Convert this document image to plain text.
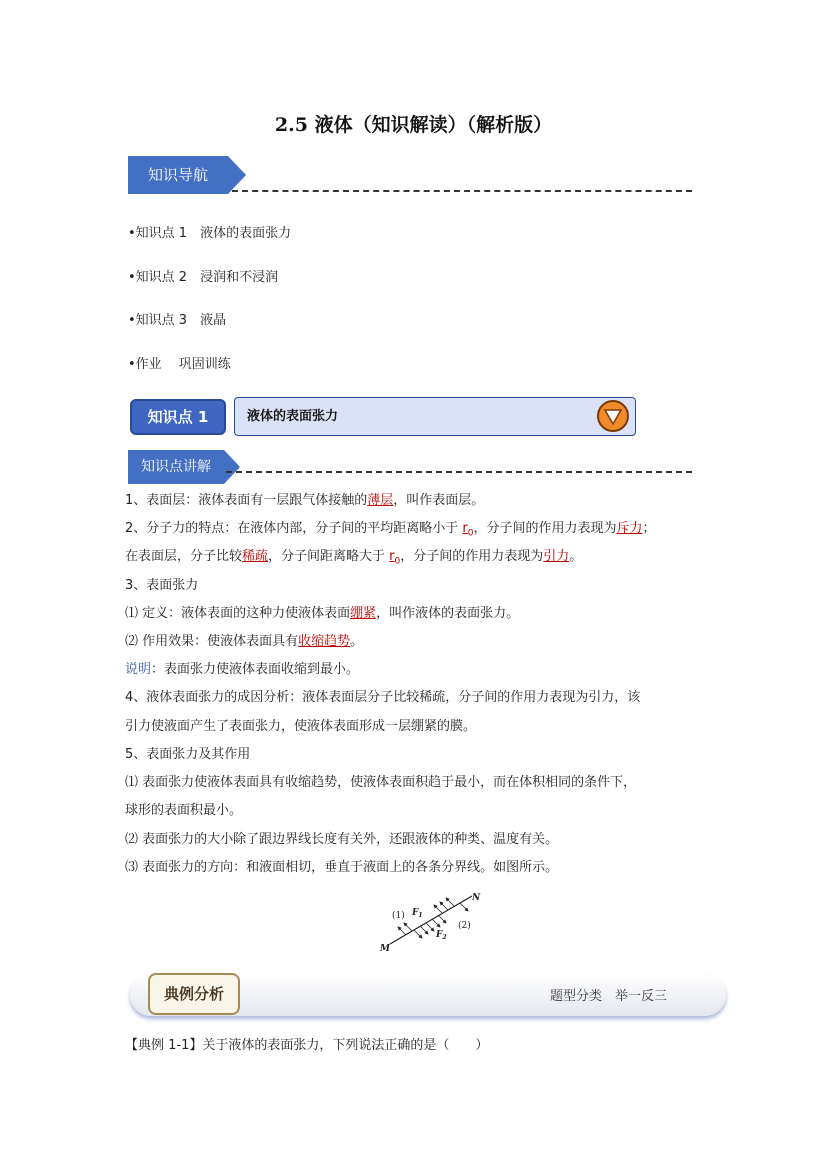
2.5 液体（知识解读）（解析版）
知识导航
•知识点 1　液体的表面张力
•知识点 2　浸润和不浸润
•知识点 3　液晶
•作业　 巩固训练
知识点 1	液体的表面张力
知识点讲解
1、表面层：液体表面有一层跟气体接触的薄层，叫作表面层。
2、分子力的特点：在液体内部，分子间的平均距离略小于 $r_0$，分子间的作用力表现为斥力；
在表面层，分子比较稀疏，分子间距离略大于 $r_0$，分子间的作用力表现为引力。
3、表面张力
⑴ 定义：液体表面的这种力使液体表面绷紧，叫作液体的表面张力。
⑵ 作用效果：使液体表面具有收缩趋势。
说明：表面张力使液体表面收缩到最小。
4、液体表面张力的成因分析：液体表面层分子比较稀疏，分子间的作用力表现为引力，该
引力使液面产生了表面张力，使液体表面形成一层绷紧的膜。
5、表面张力及其作用
⑴ 表面张力使液体表面具有收缩趋势，使液体表面积趋于最小，而在体积相同的条件下，
球形的表面积最小。
⑵ 表面张力的大小除了跟边界线长度有关外，还跟液体的种类、温度有关。
⑶ 表面张力的方向：和液面相切，垂直于液面上的各条分界线。如图所示。
(1)
(2)
$F_1$
$F_2$
M
N
典例分析	题型分类　举一反三
【典例 1-1】关于液体的表面张力，下列说法正确的是（　　）
